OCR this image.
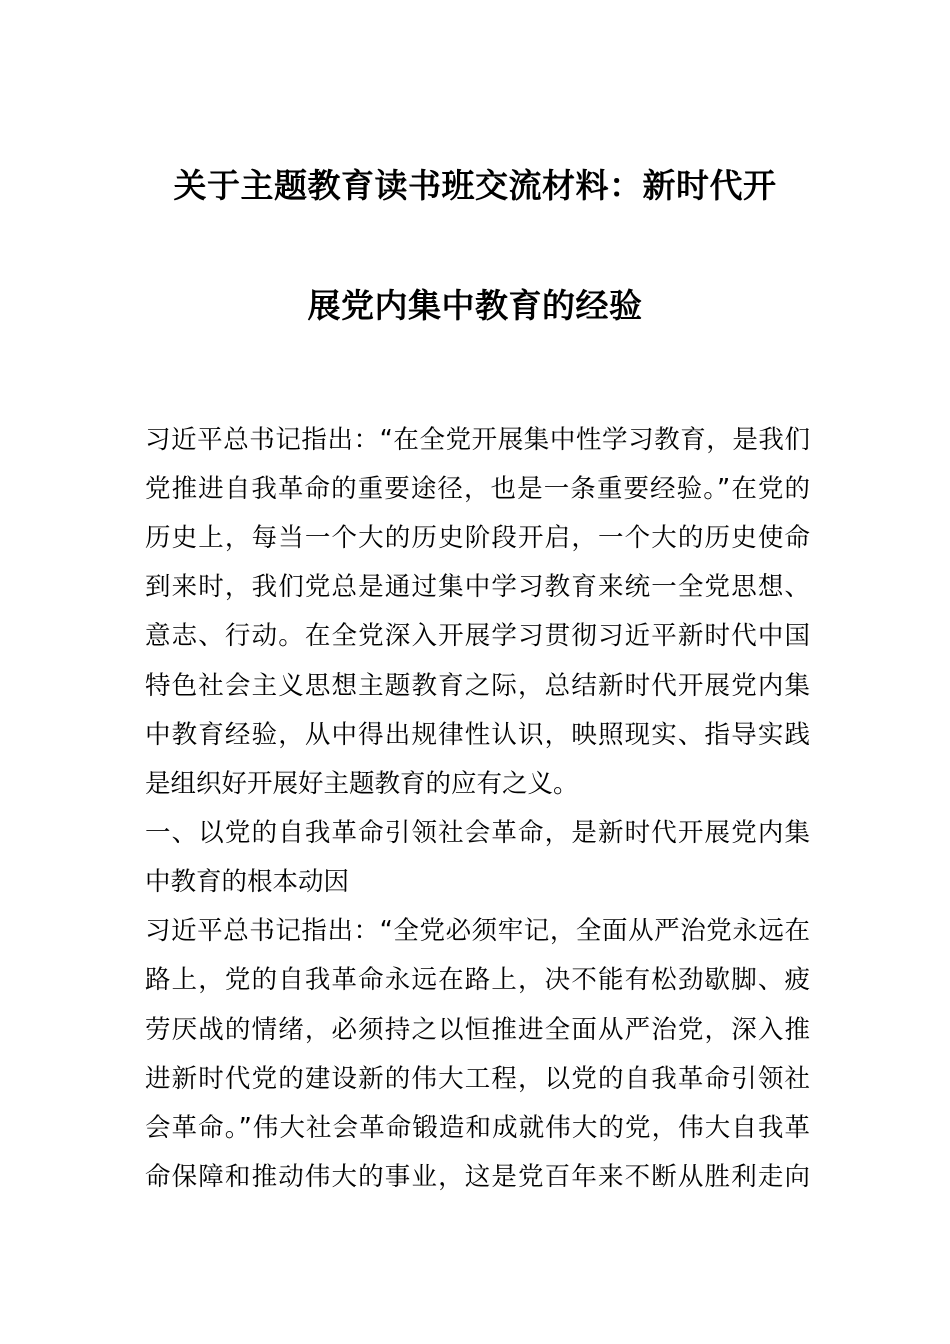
关于主题教育读书班交流材料：新时代开
展党内集中教育的经验
习近平总书记指出：“在全党开展集中性学习教育，是我们
党推进自我革命的重要途径，也是一条重要经验。”在党的
历史上，每当一个大的历史阶段开启，一个大的历史使命
到来时，我们党总是通过集中学习教育来统一全党思想、
意志、行动。在全党深入开展学习贯彻习近平新时代中国
特色社会主义思想主题教育之际，总结新时代开展党内集
中教育经验，从中得出规律性认识，映照现实、指导实践
是组织好开展好主题教育的应有之义。
一、以党的自我革命引领社会革命，是新时代开展党内集
中教育的根本动因
习近平总书记指出：“全党必须牢记，全面从严治党永远在
路上，党的自我革命永远在路上，决不能有松劲歇脚、疲
劳厌战的情绪，必须持之以恒推进全面从严治党，深入推
进新时代党的建设新的伟大工程，以党的自我革命引领社
会革命。”伟大社会革命锻造和成就伟大的党，伟大自我革
命保障和推动伟大的事业，这是党百年来不断从胜利走向
